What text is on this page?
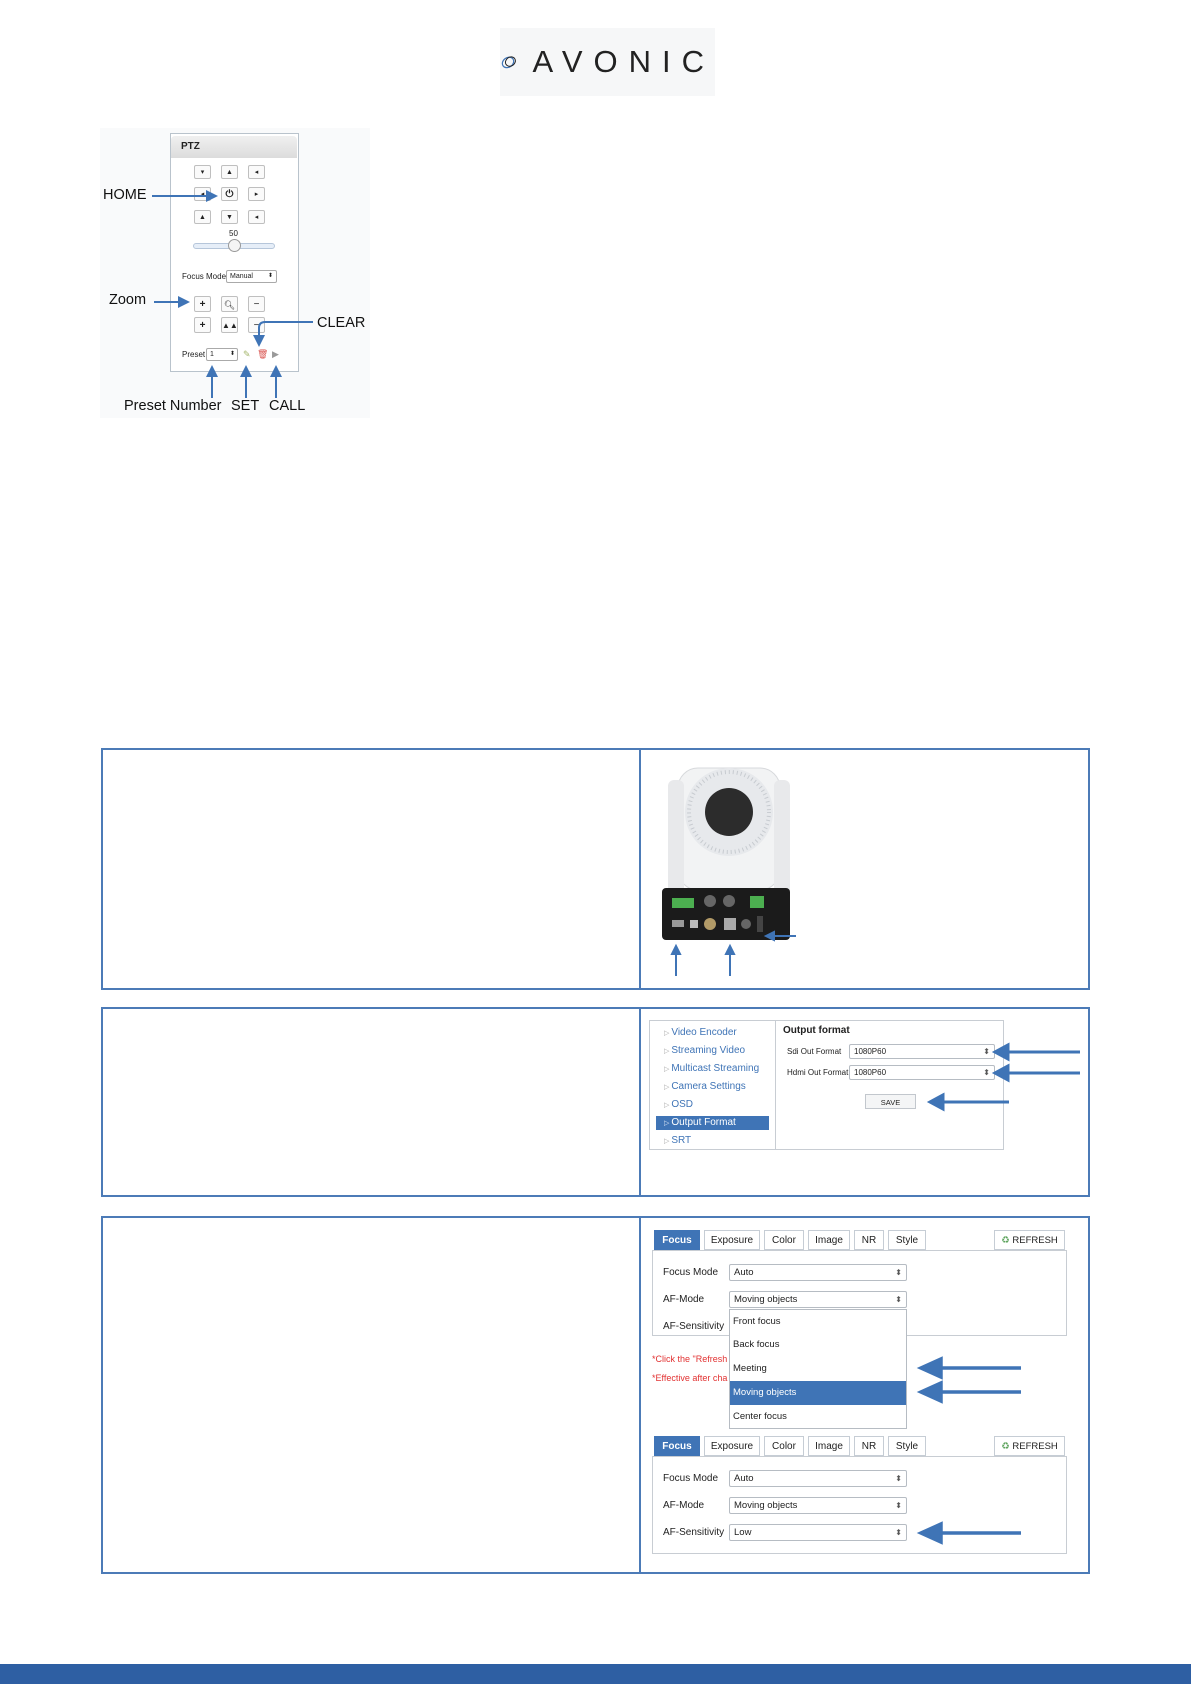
AVONIC
PTZ
▾	▲	◂
◂	⏻	▸
▲	▼	◂
50
Focus Mode Manual	⬍
+	🔍︎	−
+	▲▲	−
Preset 1	⬍ ✎ 🗑︎ ▶
HOME
Zoom
CLEAR
Preset Number SET CALL
▷ Video Encoder
▷ Streaming Video
▷ Multicast Streaming
▷ Camera Settings
▷ OSD
▷ Output Format
▷ SRT
Output format
Sdi Out Format	1080P60	⬍
Hdmi Out Format 1080P60	⬍
SAVE
Focus	Exposure	Color	Image	NR	Style	♻ REFRESH
Focus Mode	Auto	⬍
AF-Mode	Moving objects	⬍
AF-Sensitivity
*Click the "Refresh
*Effective after cha
Front focus
Back focus
Meeting
Moving objects
Center focus
Focus	Exposure	Color	Image	NR	Style	♻ REFRESH
Focus Mode	Auto	⬍
AF-Mode	Moving objects	⬍
AF-Sensitivity	Low	⬍
